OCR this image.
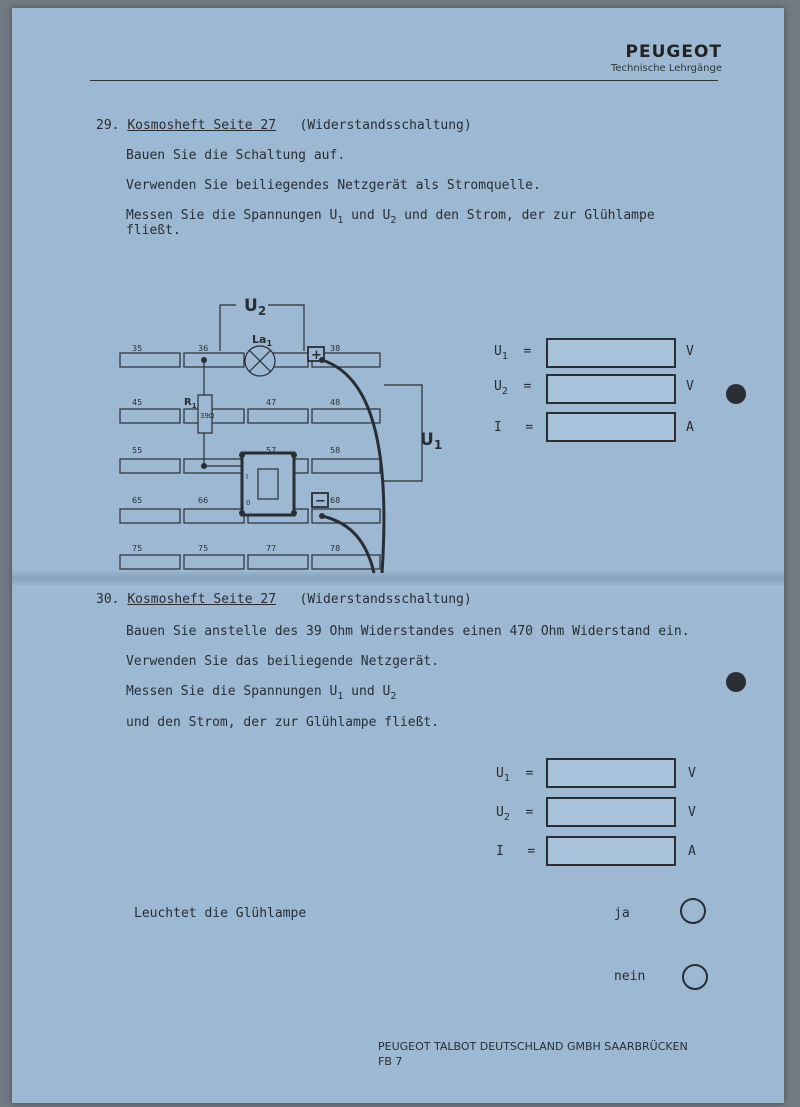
PEUGEOT
Technische Lehrgänge
29. Kosmosheft Seite 27 (Widerstandsschaltung)
Bauen Sie die Schaltung auf.
Verwenden Sie beiliegendes Netzgerät als Stromquelle.
Messen Sie die Spannungen $U_1$ und $U_2$ und den Strom, der zur Glühlampe
fließt.
$U_2$
$U_1$
$La_1$
$R_1$
39Ω
+
−
I
0
35	36	38
45	47	48
55	57	58
65	66	68
75	75	77	78
$U_1$ =	V
$U_2$ =	V
I =	A
30. Kosmosheft Seite 27 (Widerstandsschaltung)
Bauen Sie anstelle des 39 Ohm Widerstandes einen 470 Ohm Widerstand ein.
Verwenden Sie das beiliegende Netzgerät.
Messen Sie die Spannungen $U_1$ und $U_2$
und den Strom, der zur Glühlampe fließt.
$U_1$ =	V
$U_2$ =	V
I =	A
Leuchtet die Glühlampe	ja
nein
PEUGEOT TALBOT DEUTSCHLAND GMBH SAARBRÜCKEN
FB 7
